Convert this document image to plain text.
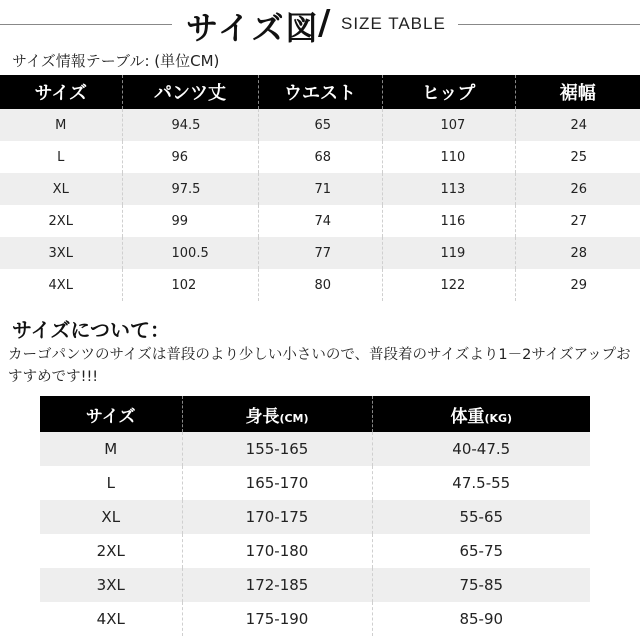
サイズ図
/ SIZE TABLE
サイズ情報テーブル: (単位CM)
サイズ	パンツ丈	ウエスト	ヒップ	裾幅
M	94.5	65	107	24
L	96	68	110	25
XL	97.5	71	113	26
2XL	99	74	116	27
3XL	100.5	77	119	28
4XL	102	80	122	29
サイズについて：
カーゴパンツのサイズは普段のより少しい小さいので、普段着のサイズより1－2サイズアップおすすめです!!!
サイズ	身長(CM)	体重(KG)
M	155-165	40-47.5
L	165-170	47.5-55
XL	170-175	55-65
2XL	170-180	65-75
3XL	172-185	75-85
4XL	175-190	85-90
